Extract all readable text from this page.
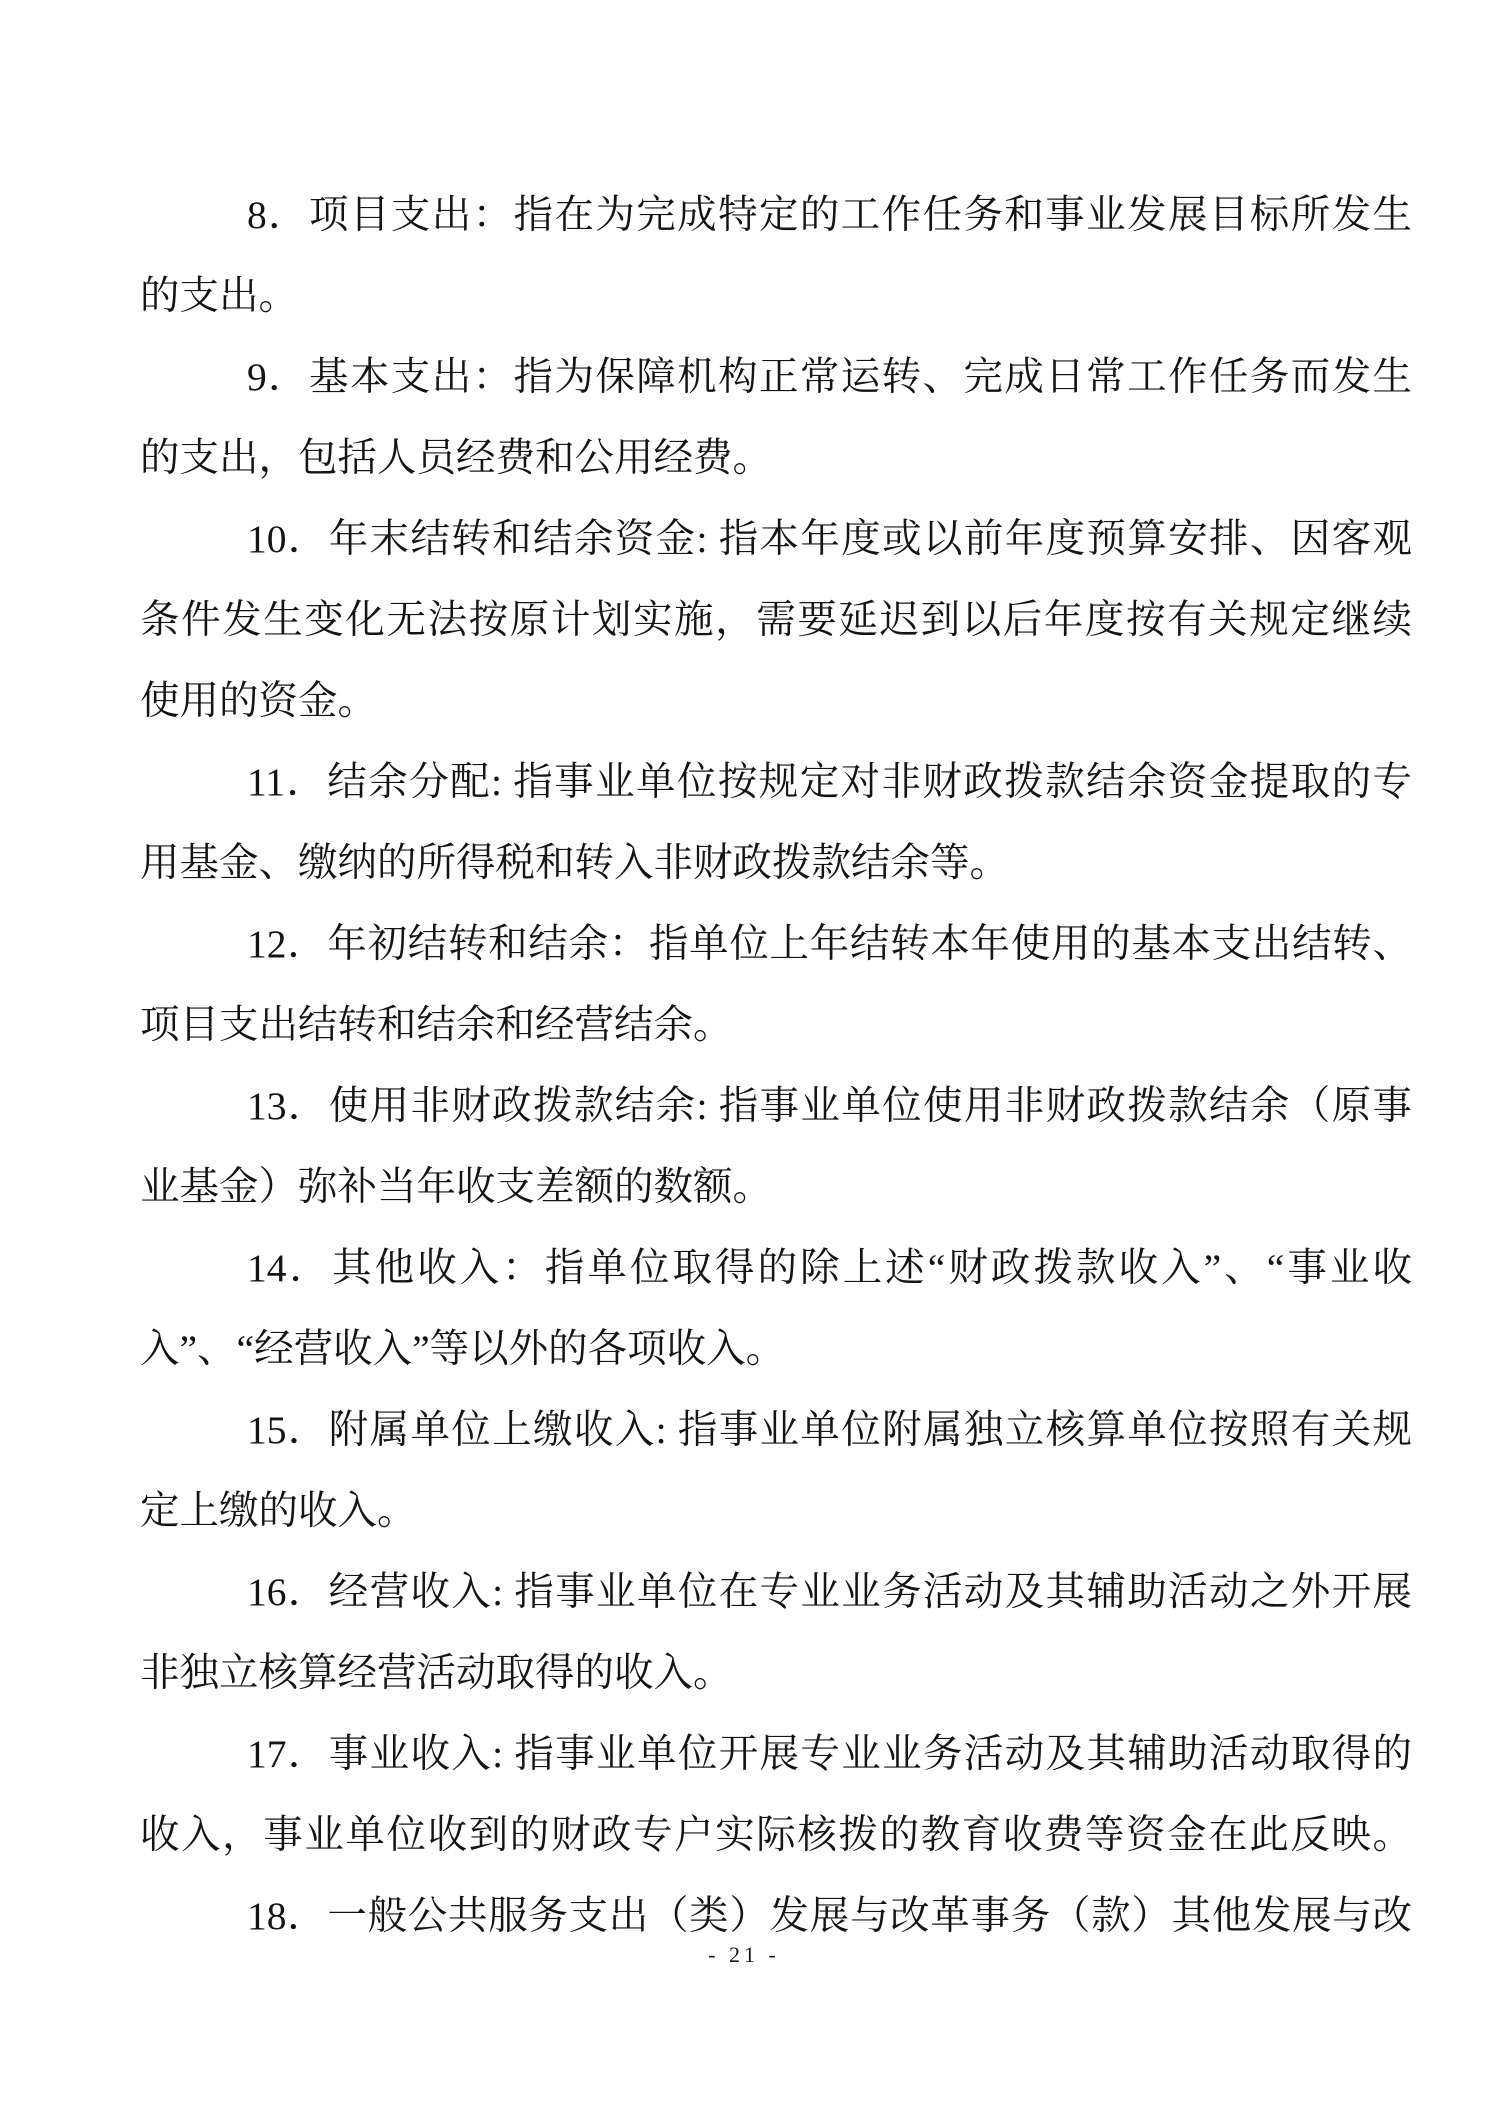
8．项目支出：指在为完成特定的工作任务和事业发展目标所发生
的支出。
9．基本支出：指为保障机构正常运转、完成日常工作任务而发生
的支出，包括人员经费和公用经费。
10．年末结转和结余资金: 指本年度或以前年度预算安排、因客观
条件发生变化无法按原计划实施，需要延迟到以后年度按有关规定继续
使用的资金。
11．结余分配: 指事业单位按规定对非财政拨款结余资金提取的专
用基金、缴纳的所得税和转入非财政拨款结余等。
12．年初结转和结余：指单位上年结转本年使用的基本支出结转、
项目支出结转和结余和经营结余。
13．使用非财政拨款结余: 指事业单位使用非财政拨款结余（原事
业基金）弥补当年收支差额的数额。
14．其他收入：指单位取得的除上述“财政拨款收入”、“事业收
入”、“经营收入”等以外的各项收入。
15．附属单位上缴收入: 指事业单位附属独立核算单位按照有关规
定上缴的收入。
16．经营收入: 指事业单位在专业业务活动及其辅助活动之外开展
非独立核算经营活动取得的收入。
17．事业收入: 指事业单位开展专业业务活动及其辅助活动取得的
收入，事业单位收到的财政专户实际核拨的教育收费等资金在此反映。
18．一般公共服务支出（类）发展与改革事务（款）其他发展与改
- 21 -
